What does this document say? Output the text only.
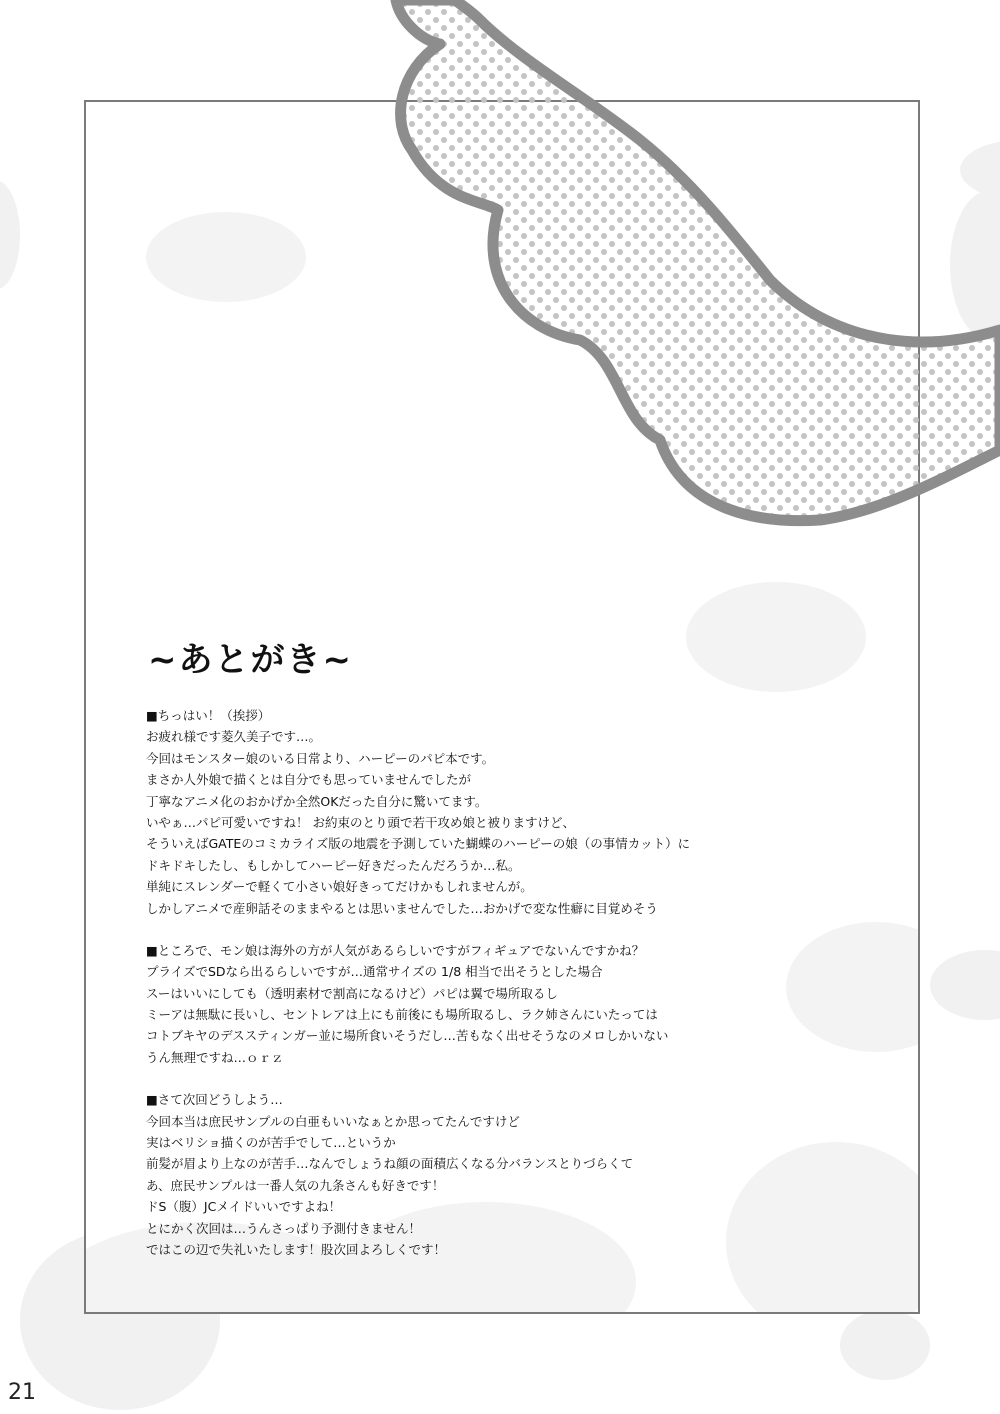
~あとがき~
■ちっはい！（挨拶）
お疲れ様です菱久美子です…。
今回はモンスター娘のいる日常より、ハーピーのパピ本です。
まさか人外娘で描くとは自分でも思っていませんでしたが
丁寧なアニメ化のおかげか全然OKだった自分に驚いてます。
いやぁ…パピ可愛いですね！ お約束のとり頭で若干攻め娘と被りますけど、
そういえばGATEのコミカライズ版の地震を予測していた蝴蝶のハーピーの娘（の事情カット）に
ドキドキしたし、もしかしてハーピー好きだったんだろうか…私。
単純にスレンダーで軽くて小さい娘好きってだけかもしれませんが。
しかしアニメで産卵話そのままやるとは思いませんでした…おかげで変な性癖に目覚めそう
■ところで、モン娘は海外の方が人気があるらしいですがフィギュアでないんですかね？
プライズでSDなら出るらしいですが…通常サイズの 1/8 相当で出そうとした場合
スーはいいにしても（透明素材で割高になるけど）パピは翼で場所取るし
ミーアは無駄に長いし、セントレアは上にも前後にも場所取るし、ラク姉さんにいたっては
コトブキヤのデススティンガー並に場所食いそうだし…苦もなく出せそうなのメロしかいない
うん無理ですね…ｏｒｚ
■さて次回どうしよう…
今回本当は庶民サンプルの白亜もいいなぁとか思ってたんですけど
実はベリショ描くのが苦手でして…というか
前髪が眉より上なのが苦手…なんでしょうね顔の面積広くなる分バランスとりづらくて
あ、庶民サンプルは一番人気の九条さんも好きです！
ドS（腹）JCメイドいいですよね！
とにかく次回は…うんさっぱり予測付きません！
ではこの辺で失礼いたします！股次回よろしくです！
21
